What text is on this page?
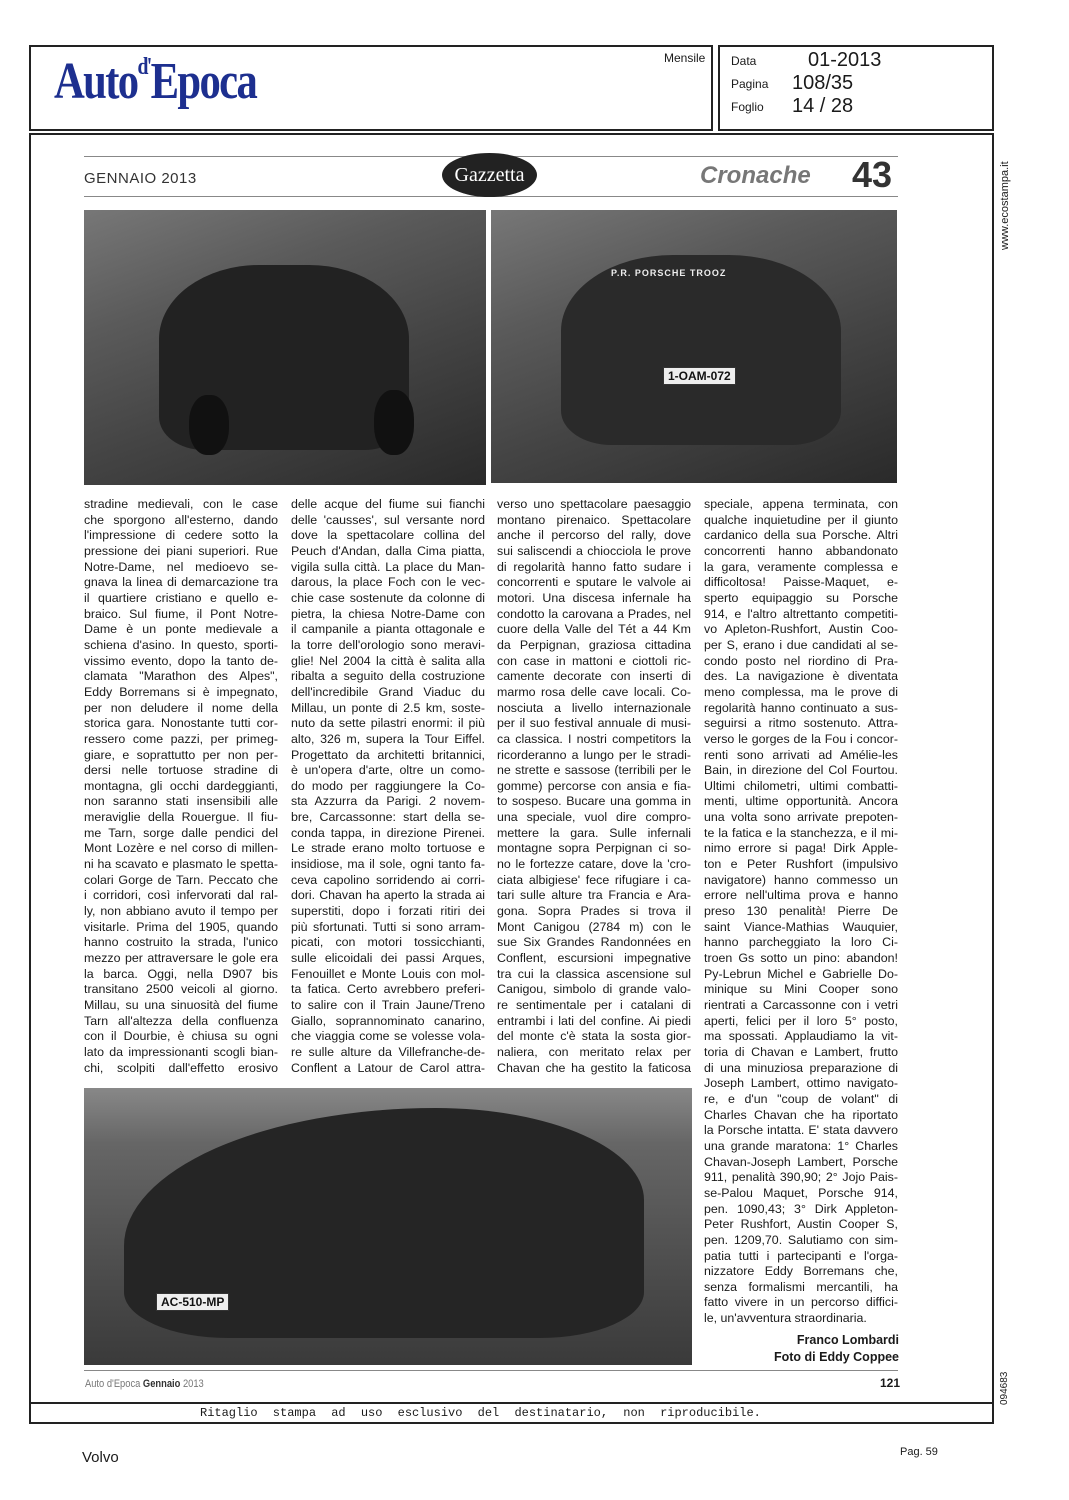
Auto$^{d'}$Epoca	Mensile Data	01-2013
Pagina 108/35
Foglio 14 / 28
www.ecostampa.it
094683
GENNAIO 2013	Gazzetta	Cronache 43
P.R. PORSCHE TROOZ
1-OAM-072
AC-510-MP
stradine medievali, con le case
che sporgono all'esterno, dando
l'impressione di cedere sotto la
pressione dei piani superiori. Rue
Notre-Dame, nel medioevo se-
gnava la linea di demarcazione tra
il quartiere cristiano e quello e-
braico. Sul fiume, il Pont Notre-
Dame è un ponte medievale a
schiena d'asino. In questo, sporti-
vissimo evento, dopo la tanto de-
clamata "Marathon des Alpes",
Eddy Borremans si è impegnato,
per non deludere il nome della
storica gara. Nonostante tutti cor-
ressero come pazzi, per primeg-
giare, e soprattutto per non per-
dersi nelle tortuose stradine di
montagna, gli occhi dardeggianti,
non saranno stati insensibili alle
meraviglie della Rouergue. Il fiu-
me Tarn, sorge dalle pendici del
Mont Lozère e nel corso di millen-
ni ha scavato e plasmato le spetta-
colari Gorge de Tarn. Peccato che
i corridori, così infervorati dal ral-
ly, non abbiano avuto il tempo per
visitarle. Prima del 1905, quando
hanno costruito la strada, l'unico
mezzo per attraversare le gole era
la barca. Oggi, nella D907 bis
transitano 2500 veicoli al giorno.
Millau, su una sinuosità del fiume
Tarn all'altezza della confluenza
con il Dourbie, è chiusa su ogni
lato da impressionanti scogli bian-
chi, scolpiti dall'effetto erosivo
delle acque del fiume sui fianchi
delle 'causses', sul versante nord
dove la spettacolare collina del
Peuch d'Andan, dalla Cima piatta,
vigila sulla città. La place du Man-
darous, la place Foch con le vec-
chie case sostenute da colonne di
pietra, la chiesa Notre-Dame con
il campanile a pianta ottagonale e
la torre dell'orologio sono meravi-
glie! Nel 2004 la città è salita alla
ribalta a seguito della costruzione
dell'incredibile Grand Viaduc du
Millau, un ponte di 2.5 km, soste-
nuto da sette pilastri enormi: il più
alto, 326 m, supera la Tour Eiffel.
Progettato da architetti britannici,
è un'opera d'arte, oltre un como-
do modo per raggiungere la Co-
sta Azzurra da Parigi. 2 novem-
bre, Carcassonne: start della se-
conda tappa, in direzione Pirenei.
Le strade erano molto tortuose e
insidiose, ma il sole, ogni tanto fa-
ceva capolino sorridendo ai corri-
dori. Chavan ha aperto la strada ai
superstiti, dopo i forzati ritiri dei
più sfortunati. Tutti si sono arram-
picati, con motori tossicchianti,
sulle elicoidali dei passi Arques,
Fenouillet e Monte Louis con mol-
ta fatica. Certo avrebbero preferi-
to salire con il Train Jaune/Treno
Giallo, soprannominato canarino,
che viaggia come se volesse vola-
re sulle alture da Villefranche-de-
Conflent a Latour de Carol attra-
verso uno spettacolare paesaggio
montano pirenaico. Spettacolare
anche il percorso del rally, dove
sui saliscendi a chiocciola le prove
di regolarità hanno fatto sudare i
concorrenti e sputare le valvole ai
motori. Una discesa infernale ha
condotto la carovana a Prades, nel
cuore della Valle del Tét a 44 Km
da Perpignan, graziosa cittadina
con case in mattoni e ciottoli ric-
camente decorate con inserti di
marmo rosa delle cave locali. Co-
nosciuta a livello internazionale
per il suo festival annuale di musi-
ca classica. I nostri competitors la
ricorderanno a lungo per le stradi-
ne strette e sassose (terribili per le
gomme) percorse con ansia e fia-
to sospeso. Bucare una gomma in
una speciale, vuol dire compro-
mettere la gara. Sulle infernali
montagne sopra Perpignan ci so-
no le fortezze catare, dove la 'cro-
ciata albigiese' fece rifugiare i ca-
tari sulle alture tra Francia e Ara-
gona. Sopra Prades si trova il
Mont Canigou (2784 m) con le
sue Six Grandes Randonnées en
Conflent, escursioni impegnative
tra cui la classica ascensione sul
Canigou, simbolo di grande valo-
re sentimentale per i catalani di
entrambi i lati del confine. Ai piedi
del monte c'è stata la sosta gior-
naliera, con meritato relax per
Chavan che ha gestito la faticosa
speciale, appena terminata, con
qualche inquietudine per il giunto
cardanico della sua Porsche. Altri
concorrenti hanno abbandonato
la gara, veramente complessa e
difficoltosa! Paisse-Maquet, e-
sperto equipaggio su Porsche
914, e l'altro altrettanto competiti-
vo Apleton-Rushfort, Austin Coo-
per S, erano i due candidati al se-
condo posto nel riordino di Pra-
des. La navigazione è diventata
meno complessa, ma le prove di
regolarità hanno continuato a sus-
seguirsi a ritmo sostenuto. Attra-
verso le gorges de la Fou i concor-
renti sono arrivati ad Amélie-les
Bain, in direzione del Col Fourtou.
Ultimi chilometri, ultimi combatti-
menti, ultime opportunità. Ancora
una volta sono arrivate prepoten-
te la fatica e la stanchezza, e il mi-
nimo errore si paga! Dirk Apple-
ton e Peter Rushfort (impulsivo
navigatore) hanno commesso un
errore nell'ultima prova e hanno
preso 130 penalità! Pierre De
saint Viance-Mathias Wauquier,
hanno parcheggiato la loro Ci-
troen Gs sotto un pino: abandon!
Py-Lebrun Michel e Gabrielle Do-
minique su Mini Cooper sono
rientrati a Carcassonne con i vetri
aperti, felici per il loro 5° posto,
ma spossati. Applaudiamo la vit-
toria di Chavan e Lambert, frutto
di una minuziosa preparazione di
Joseph Lambert, ottimo navigato-
re, e d'un "coup de volant" di
Charles Chavan che ha riportato
la Porsche intatta. E' stata davvero
una grande maratona: 1° Charles
Chavan-Joseph Lambert, Porsche
911, penalità 390,90; 2° Jojo Pais-
se-Palou Maquet, Porsche 914,
pen. 1090,43; 3° Dirk Appleton-
Peter Rushfort, Austin Cooper S,
pen. 1209,70. Salutiamo con sim-
patia tutti i partecipanti e l'orga-
nizzatore Eddy Borremans che,
senza formalismi mercantili, ha
fatto vivere in un percorso diffici-
le, un'avventura straordinaria.
Franco Lombardi
Foto di Eddy Coppee
Auto d'Epoca Gennaio 2013	121
Ritaglio stampa ad uso esclusivo del destinatario, non riproducibile.
Volvo	Pag. 59
